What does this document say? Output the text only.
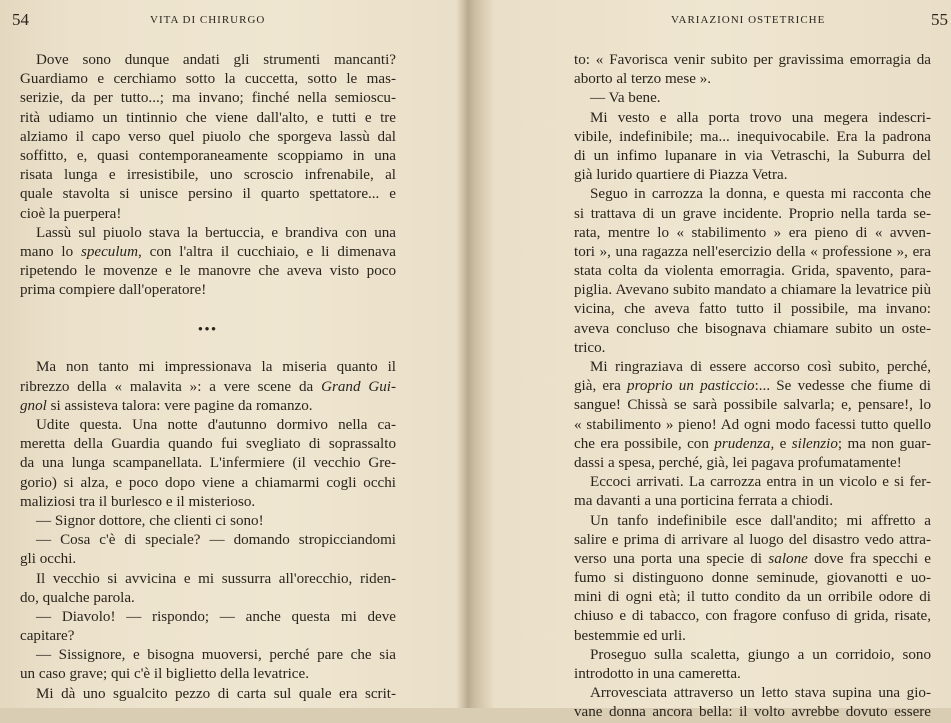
54	VITA DI CHIRURGO
Dove sono dunque andati gli strumenti mancanti?
Guardiamo e cerchiamo sotto la cuccetta, sotto le mas-
serizie, da per tutto...; ma invano; finché nella semioscu-
rità udiamo un tintinnio che viene dall'alto, e tutti e tre
alziamo il capo verso quel piuolo che sporgeva lassù dal
soffitto, e, quasi contemporaneamente scoppiamo in una
risata lunga e irresistibile, uno scroscio infrenabile, al
quale stavolta si unisce persino il quarto spettatore... e
cioè la puerpera!
Lassù sul piuolo stava la bertuccia, e brandiva con una
mano lo speculum, con l'altra il cucchiaio, e li dimenava
ripetendo le movenze e le manovre che aveva visto poco
prima compiere dall'operatore!
•••
Ma non tanto mi impressionava la miseria quanto il
ribrezzo della « malavita »: a vere scene da Grand Gui-
gnol si assisteva talora: vere pagine da romanzo.
Udite questa. Una notte d'autunno dormivo nella ca-
meretta della Guardia quando fui svegliato di soprassalto
da una lunga scampanellata. L'infermiere (il vecchio Gre-
gorio) si alza, e poco dopo viene a chiamarmi cogli occhi
maliziosi tra il burlesco e il misterioso.
— Signor dottore, che clienti ci sono!
— Cosa c'è di speciale? — domando stropicciandomi
gli occhi.
Il vecchio si avvicina e mi sussurra all'orecchio, riden-
do, qualche parola.
— Diavolo! — rispondo; — anche questa mi deve
capitare?
— Sissignore, e bisogna muoversi, perché pare che sia
un caso grave; qui c'è il biglietto della levatrice.
Mi dà uno sgualcito pezzo di carta sul quale era scrit-
VARIAZIONI OSTETRICHE	55
to: « Favorisca venir subito per gravissima emorragia da
aborto al terzo mese ».
— Va bene.
Mi vesto e alla porta trovo una megera indescri-
vibile, indefinibile; ma... inequivocabile. Era la padrona
di un infimo lupanare in via Vetraschi, la Suburra del
già lurido quartiere di Piazza Vetra.
Seguo in carrozza la donna, e questa mi racconta che
si trattava di un grave incidente. Proprio nella tarda se-
rata, mentre lo « stabilimento » era pieno di « avven-
tori », una ragazza nell'esercizio della « professione », era
stata colta da violenta emorragia. Grida, spavento, para-
piglia. Avevano subito mandato a chiamare la levatrice più
vicina, che aveva fatto tutto il possibile, ma invano:
aveva concluso che bisognava chiamare subito un oste-
trico.
Mi ringraziava di essere accorso così subito, perché,
già, era proprio un pasticcio:... Se vedesse che fiume di
sangue! Chissà se sarà possibile salvarla; e, pensare!, lo
« stabilimento » pieno! Ad ogni modo facessi tutto quello
che era possibile, con prudenza, e silenzio; ma non guar-
dassi a spesa, perché, già, lei pagava profumatamente!
Eccoci arrivati. La carrozza entra in un vicolo e si fer-
ma davanti a una porticina ferrata a chiodi.
Un tanfo indefinibile esce dall'andito; mi affretto a
salire e prima di arrivare al luogo del disastro vedo attra-
verso una porta una specie di salone dove fra specchi e
fumo si distinguono donne seminude, giovanotti e uo-
mini di ogni età; il tutto condito da un orribile odore di
chiuso e di tabacco, con fragore confuso di grida, risate,
bestemmie ed urli.
Proseguo sulla scaletta, giungo a un corridoio, sono
introdotto in una cameretta.
Arrovesciata attraverso un letto stava supina una gio-
vane donna ancora bella: il volto avrebbe dovuto essere
